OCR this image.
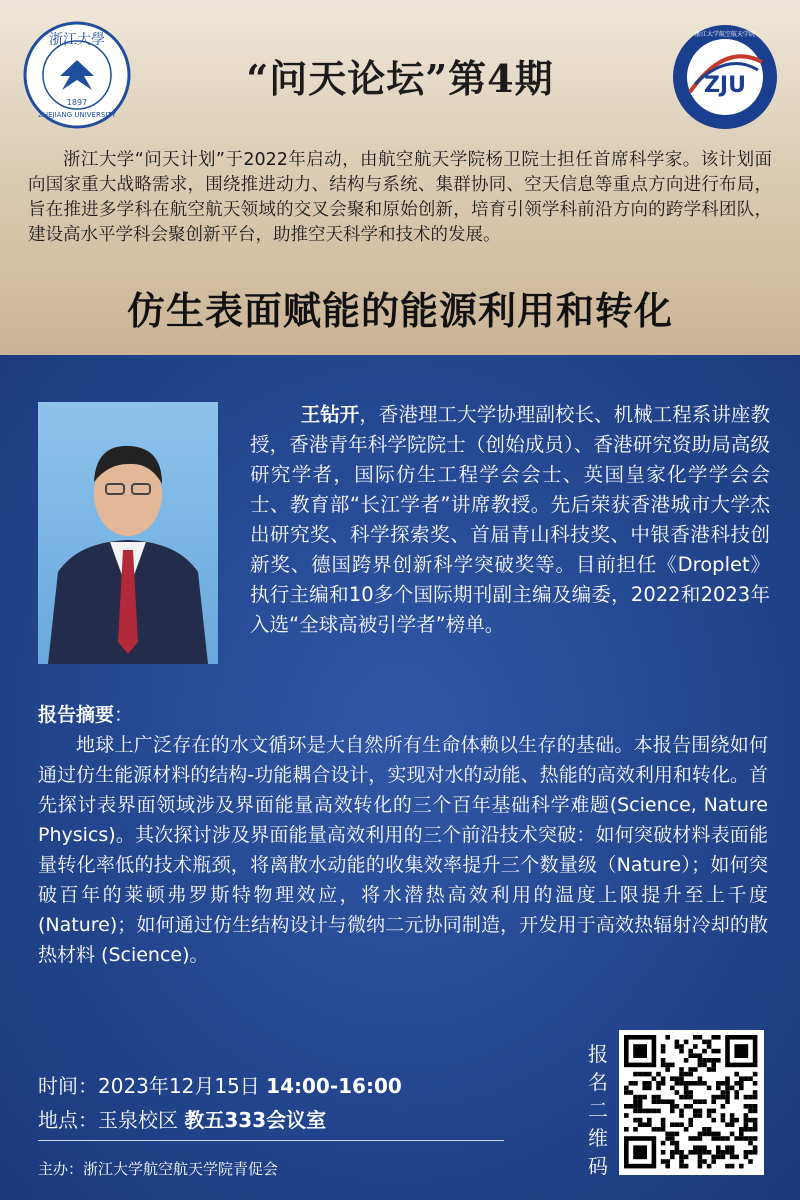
浙江大學
1897
ZHEJIANG UNIVERSITY
ZJU
浙江大学航空航天学院
“问天论坛”第4期
浙江大学“问天计划”于2022年启动，由航空航天学院杨卫院士担任首席科学家。该计划面向国家重大战略需求，围绕推进动力、结构与系统、集群协同、空天信息等重点方向进行布局，旨在推进多学科在航空航天领域的交叉会聚和原始创新，培育引领学科前沿方向的跨学科团队，建设高水平学科会聚创新平台，助推空天科学和技术的发展。
仿生表面赋能的能源利用和转化
王钻开，香港理工大学协理副校长、机械工程系讲座教授，香港青年科学院院士（创始成员）、香港研究资助局高级研究学者，国际仿生工程学会会士、英国皇家化学学会会士、教育部“长江学者”讲席教授。先后荣获香港城市大学杰出研究奖、科学探索奖、首届青山科技奖、中银香港科技创新奖、德国跨界创新科学突破奖等。目前担任《Droplet》执行主编和10多个国际期刊副主编及编委，2022和2023年入选“全球高被引学者”榜单。
报告摘要：
地球上广泛存在的水文循环是大自然所有生命体赖以生存的基础。本报告围绕如何通过仿生能源材料的结构-功能耦合设计，实现对水的动能、热能的高效利用和转化。首先探讨表界面领域涉及界面能量高效转化的三个百年基础科学难题(Science, Nature Physics)。其次探讨涉及界面能量高效利用的三个前沿技术突破：如何突破材料表面能量转化率低的技术瓶颈，将离散水动能的收集效率提升三个数量级（Nature）；如何突破百年的莱顿弗罗斯特物理效应，将水潜热高效利用的温度上限提升至上千度(Nature)；如何通过仿生结构设计与微纳二元协同制造，开发用于高效热辐射冷却的散热材料 (Science)。
时间：2023年12月15日 14:00-16:00
地点：玉泉校区 教五333会议室
主办：浙江大学航空航天学院青促会
报名二维码
